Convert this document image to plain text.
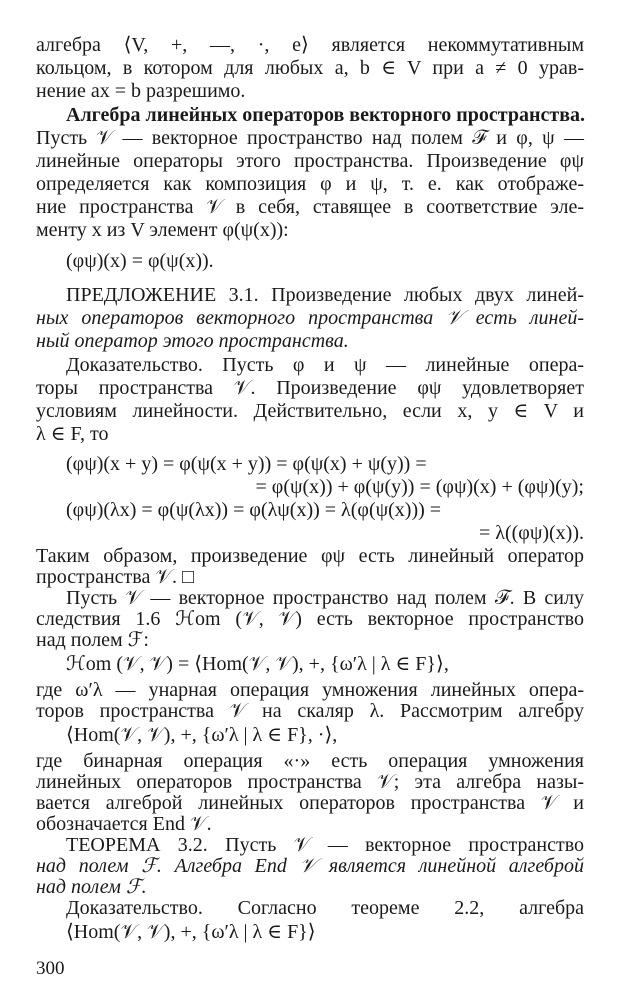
алгебра ⟨V, +, —, ·, e⟩ является некоммутативным
кольцом, в котором для любых a, b ∈ V при a ≠ 0 урав-
нение ax = b разрешимо.
Алгебра линейных операторов векторного пространства.
Пусть 𝒱 — векторное пространство над полем ℱ и φ, ψ —
линейные операторы этого пространства. Произведение φψ
определяется как композиция φ и ψ, т. е. как отображе-
ние пространства 𝒱 в себя, ставящее в соответствие эле-
менту x из V элемент φ(ψ(x)):
(φψ)(x) = φ(ψ(x)).
ПРЕДЛОЖЕНИЕ 3.1. Произведение любых двух линей-
ных операторов векторного пространства 𝒱 есть линей-
ный оператор этого пространства.
Доказательство. Пусть φ и ψ — линейные опера-
торы пространства 𝒱. Произведение φψ удовлетворяет
условиям линейности. Действительно, если x, y ∈ V и
λ ∈ F, то
(φψ)(x + y) = φ(ψ(x + y)) = φ(ψ(x) + ψ(y)) =
= φ(ψ(x)) + φ(ψ(y)) = (φψ)(x) + (φψ)(y);
(φψ)(λx) = φ(ψ(λx)) = φ(λψ(x)) = λ(φ(ψ(x))) =
= λ((φψ)(x)).
Таким образом, произведение φψ есть линейный оператор
пространства 𝒱. □
Пусть 𝒱 — векторное пространство над полем ℱ. В силу
следствия 1.6 ℋom (𝒱, 𝒱) есть векторное пространство
над полем ℱ:
ℋom (𝒱, 𝒱) = ⟨Hom(𝒱, 𝒱), +, {ω′λ | λ ∈ F}⟩,
где ω′λ — унарная операция умножения линейных опера-
торов пространства 𝒱 на скаляр λ. Рассмотрим алгебру
⟨Hom(𝒱, 𝒱), +, {ω′λ | λ ∈ F}, ·⟩,
где бинарная операция «·» есть операция умножения
линейных операторов пространства 𝒱; эта алгебра назы-
вается алгеброй линейных операторов пространства 𝒱 и
обозначается End 𝒱.
ТЕОРЕМА 3.2. Пусть 𝒱 — векторное пространство
над полем ℱ. Алгебра End 𝒱 является линейной алгеброй
над полем ℱ.
Доказательство. Согласно теореме 2.2, алгебра
⟨Hom(𝒱, 𝒱), +, {ω′λ | λ ∈ F}⟩
300
